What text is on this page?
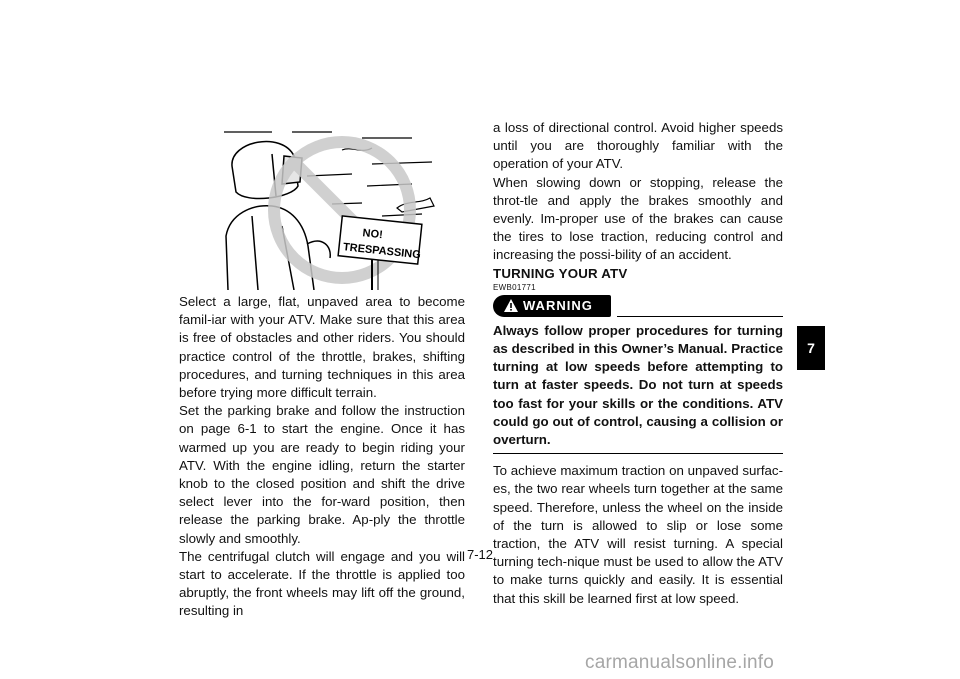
NO!
TRESPASSING

Select a large, flat, unpaved area to become famil-iar with your ATV. Make sure that this area is free of obstacles and other riders. You should practice control of the throttle, brakes, shifting procedures, and turning techniques in this area before trying more difficult terrain.

Set the parking brake and follow the instruction on page 6-1 to start the engine. Once it has warmed up you are ready to begin riding your ATV. With the engine idling, return the starter knob to the closed position and shift the drive select lever into the for-ward position, then release the parking brake. Ap-ply the throttle slowly and smoothly.

The centrifugal clutch will engage and you will start to accelerate. If the throttle is applied too abruptly, the front wheels may lift off the ground, resulting in

a loss of directional control. Avoid higher speeds until you are thoroughly familiar with the operation of your ATV.

When slowing down or stopping, release the throt-tle and apply the brakes smoothly and evenly. Im-proper use of the brakes can cause the tires to lose traction, reducing control and increasing the possi-bility of an accident.

TURNING YOUR ATV

EWB01771

WARNING

Always follow proper procedures for turning as described in this Owner’s Manual. Practice turning at low speeds before attempting to turn at faster speeds. Do not turn at speeds too fast for your skills or the conditions. ATV could go out of control, causing a collision or overturn.

To achieve maximum traction on unpaved surfac-es, the two rear wheels turn together at the same speed. Therefore, unless the wheel on the inside of the turn is allowed to slip or lose some traction, the ATV will resist turning. A special turning tech-nique must be used to allow the ATV to make turns quickly and easily. It is essential that this skill be learned first at low speed.

7
7-12
carmanualsonline.info
